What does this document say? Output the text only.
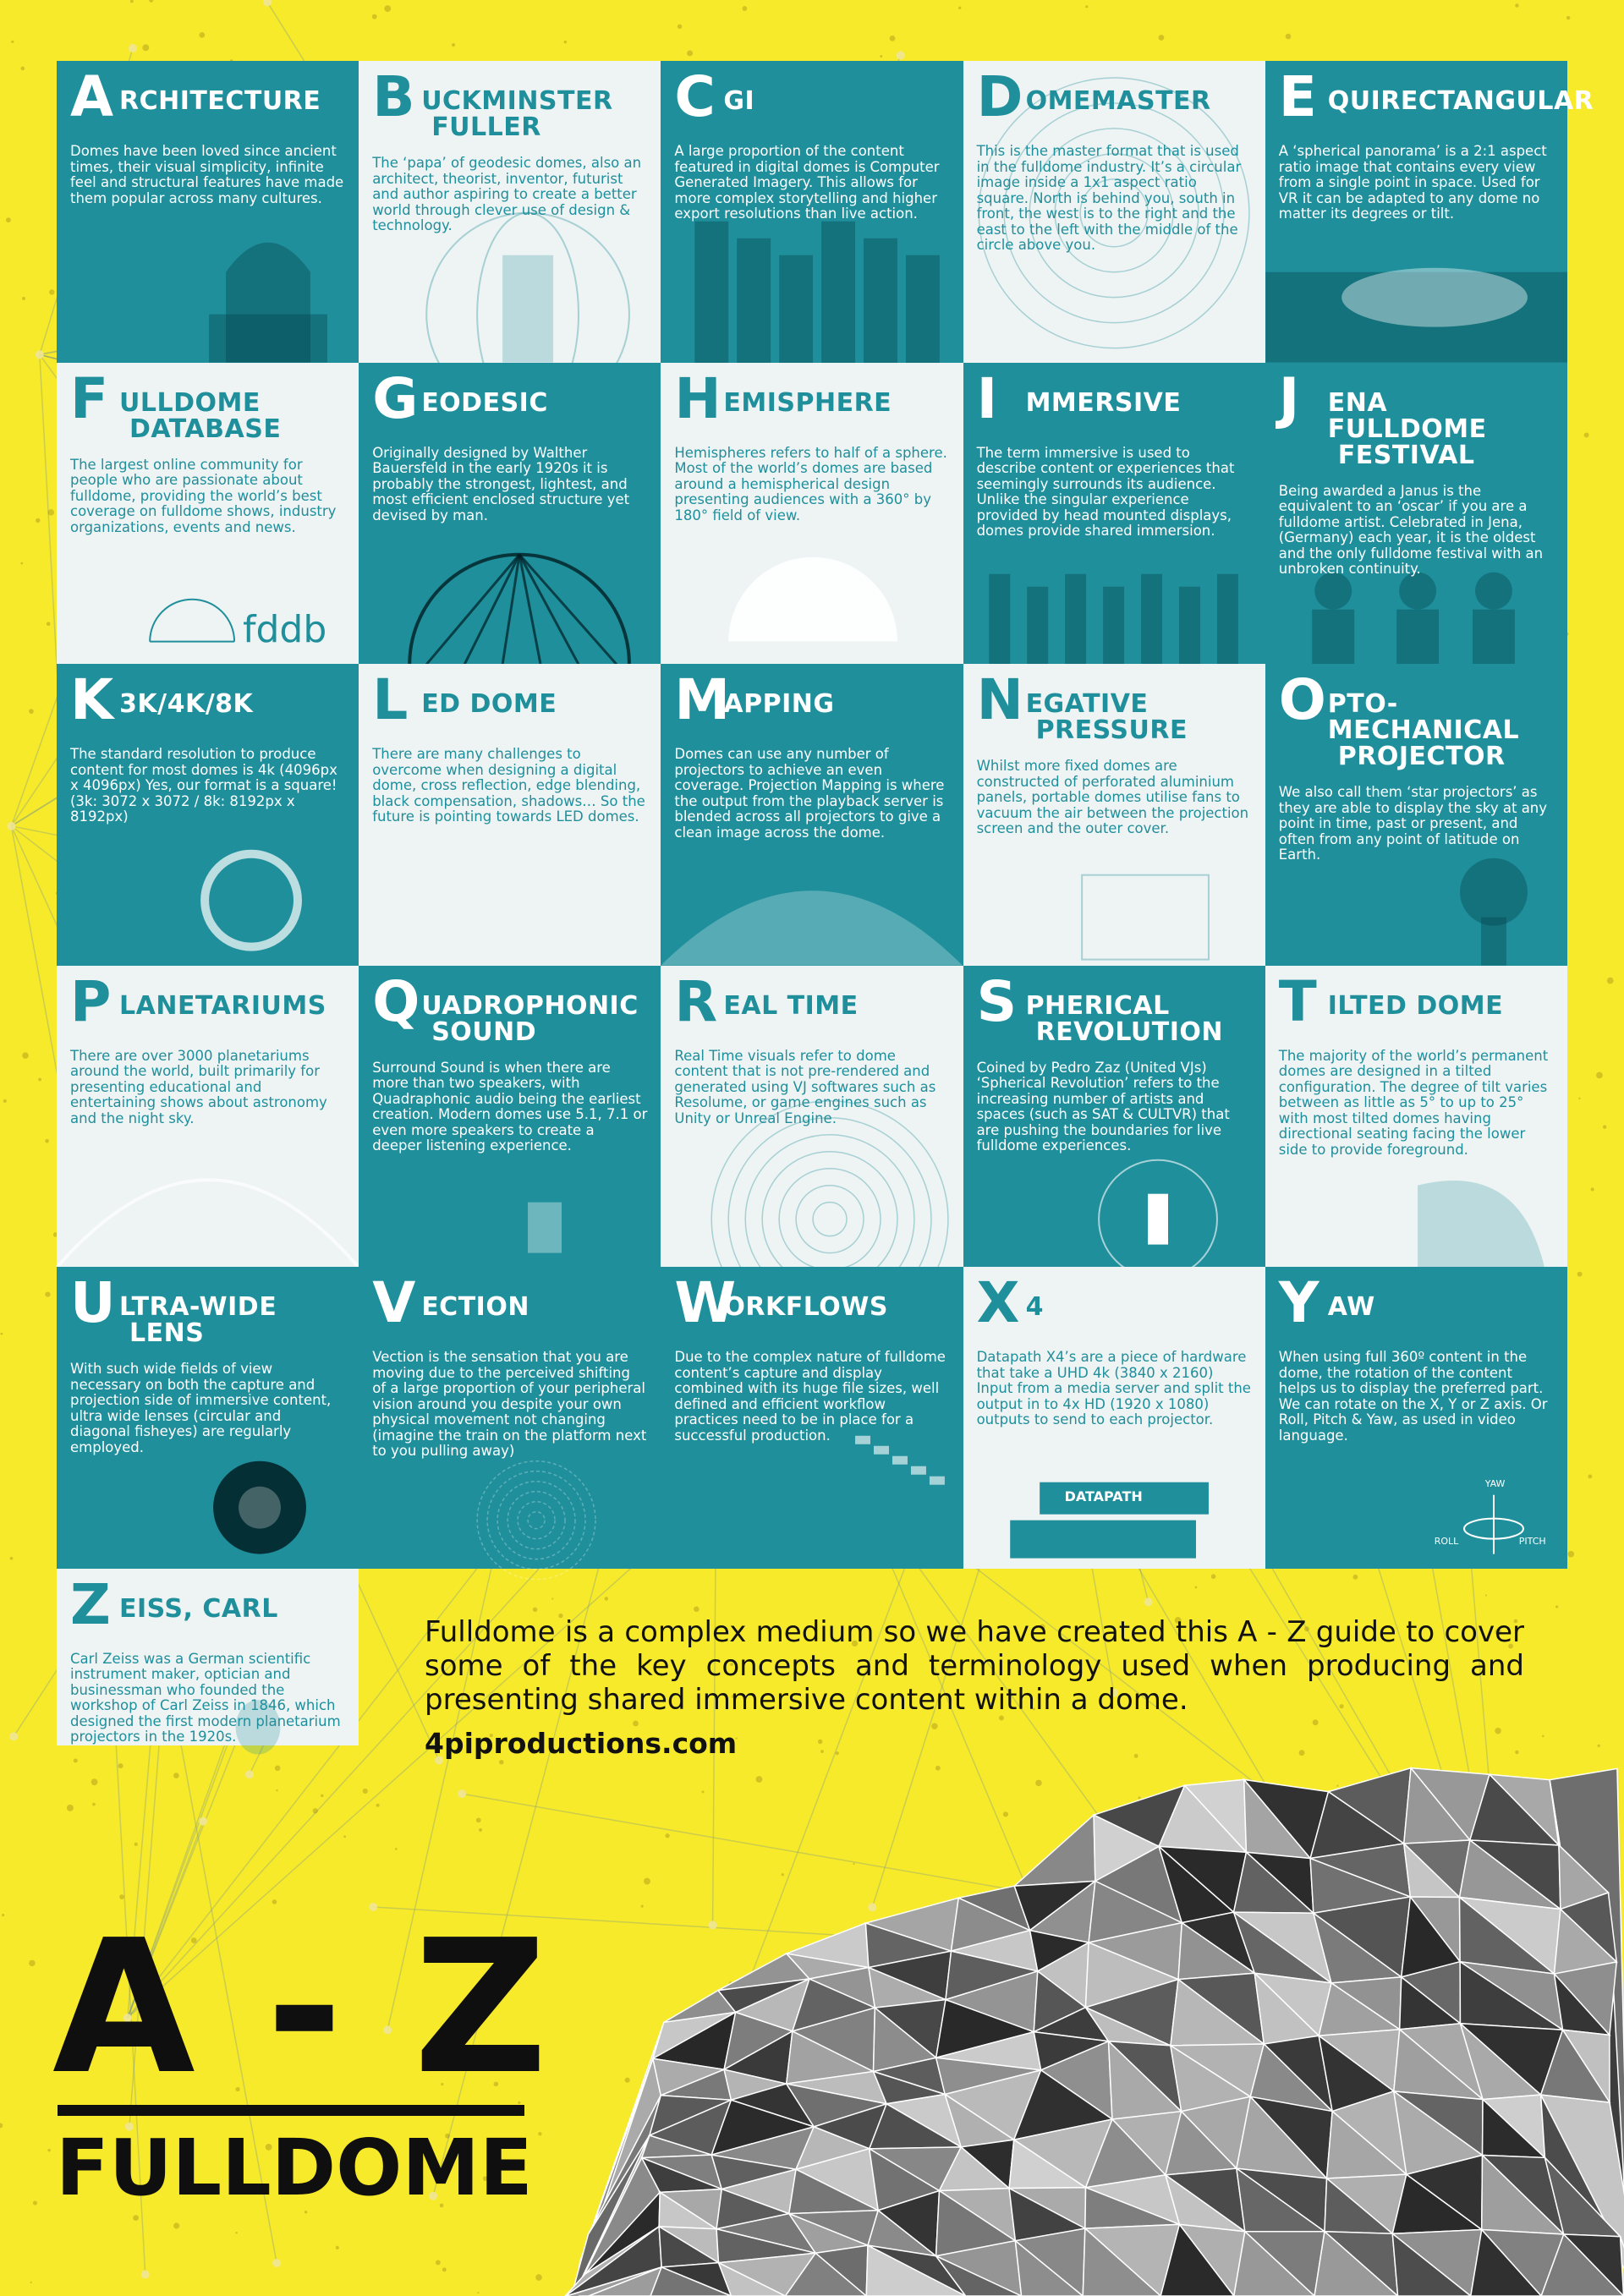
A RCHITECTURE

Domes have been loved since ancient times, their visual simplicity, infinite feel and structural features have made them popular across many cultures.

B UCKMINSTER
FULLER

The ‘papa’ of geodesic domes, also an architect, theorist, inventor, futurist and author aspiring to create a better world through clever use of design & technology.

C GI

A large proportion of the content featured in digital domes is Computer Generated Imagery. This allows for more complex storytelling and higher export resolutions than live action.

D OMEMASTER

This is the master format that is used in the fulldome industry. It’s a circular image inside a 1x1 aspect ratio square. North is behind you, south in front, the west is to the right and the east to the left with the middle of the circle above you.

E QUIRECTANGULAR

A ‘spherical panorama’ is a 2:1 aspect ratio image that contains every view from a single point in space. Used for VR it can be adapted to any dome no matter its degrees or tilt.

F ULLDOME
DATABASE

The largest online community for people who are passionate about fulldome, providing the world’s best coverage on fulldome shows, industry organizations, events and news.

fddb
G EODESIC

Originally designed by Walther Bauersfeld in the early 1920s it is probably the strongest, lightest, and most efficient enclosed structure yet devised by man.

H EMISPHERE

Hemispheres refers to half of a sphere. Most of the world’s domes are based around a hemispherical design presenting audiences with a 360° by 180° field of view.

I MMERSIVE

The term immersive is used to describe content or experiences that seemingly surrounds its audience. Unlike the singular experience provided by head mounted displays, domes provide shared immersion.

J ENA FULLDOME
FESTIVAL

Being awarded a Janus is the equivalent to an ‘oscar’ if you are a fulldome artist. Celebrated in Jena, (Germany) each year, it is the oldest and the only fulldome festival with an unbroken continuity.

K 3K/4K/8K

The standard resolution to produce content for most domes is 4k (4096px x 4096px) Yes, our format is a square! (3k: 3072 x 3072 / 8k: 8192px x 8192px)

L ED DOME

There are many challenges to overcome when designing a digital dome, cross reflection, edge blending, black compensation, shadows… So the future is pointing towards LED domes.

M
APPING

Domes can use any number of projectors to achieve an even coverage. Projection Mapping is where the output from the playback server is blended across all projectors to give a clean image across the dome.

N EGATIVE
PRESSURE

Whilst more fixed domes are constructed of perforated aluminium panels, portable domes utilise fans to vacuum the air between the projection screen and the outer cover.

O PTO-MECHANICAL
PROJECTOR

We also call them ‘star projectors’ as they are able to display the sky at any point in time, past or present, and often from any point of latitude on Earth.

P LANETARIUMS

There are over 3000 planetariums around the world, built primarily for presenting educational and entertaining shows about astronomy and the night sky.

Q UADROPHONIC
SOUND

Surround Sound is when there are more than two speakers, with Quadraphonic audio being the earliest creation. Modern domes use 5.1, 7.1 or even more speakers to create a deeper listening experience.

R EAL TIME

Real Time visuals refer to dome content that is not pre-rendered and generated using VJ softwares such as Resolume, or game engines such as Unity or Unreal Engine.

S PHERICAL
REVOLUTION

Coined by Pedro Zaz (United VJs) ‘Spherical Revolution’ refers to the increasing number of artists and spaces (such as SAT & CULTVR) that are pushing the boundaries for live fulldome experiences.

T ILTED DOME

The majority of the world’s permanent domes are designed in a tilted configuration. The degree of tilt varies between as little as 5° to up to 25° with most tilted domes having directional seating facing the lower side to provide foreground.

U LTRA-WIDE
LENS

With such wide fields of view necessary on both the capture and projection side of immersive content, ultra wide lenses (circular and diagonal fisheyes) are regularly employed.

V ECTION

Vection is the sensation that you are moving due to the perceived shifting of a large proportion of your peripheral vision around you despite your own physical movement not changing (imagine the train on the platform next to you pulling away)

W
ORKFLOWS

Due to the complex nature of fulldome content’s capture and display combined with its huge file sizes, well defined and efficient workflow practices need to be in place for a successful production.

X 4

Datapath X4’s are a piece of hardware that take a UHD 4k (3840 x 2160) Input from a media server and split the output in to 4x HD (1920 x 1080) outputs to send to each projector.

DATAPATH
Y AW

When using full 360º content in the dome, the rotation of the content helps us to display the preferred part. We can rotate on the X, Y or Z axis. Or Roll, Pitch & Yaw, as used in video language.

YAW
ROLL	PITCH
Z EISS, CARL

Carl Zeiss was a German scientific instrument maker, optician and businessman who founded the workshop of Carl Zeiss in 1846, which designed the first modern planetarium projectors in the 1920s.

Fulldome is a complex medium so we have created this A - Z guide to cover some of the key concepts and terminology used when producing and presenting shared immersive content within a dome.

4piproductions.com
A - Z
FULLDOME
